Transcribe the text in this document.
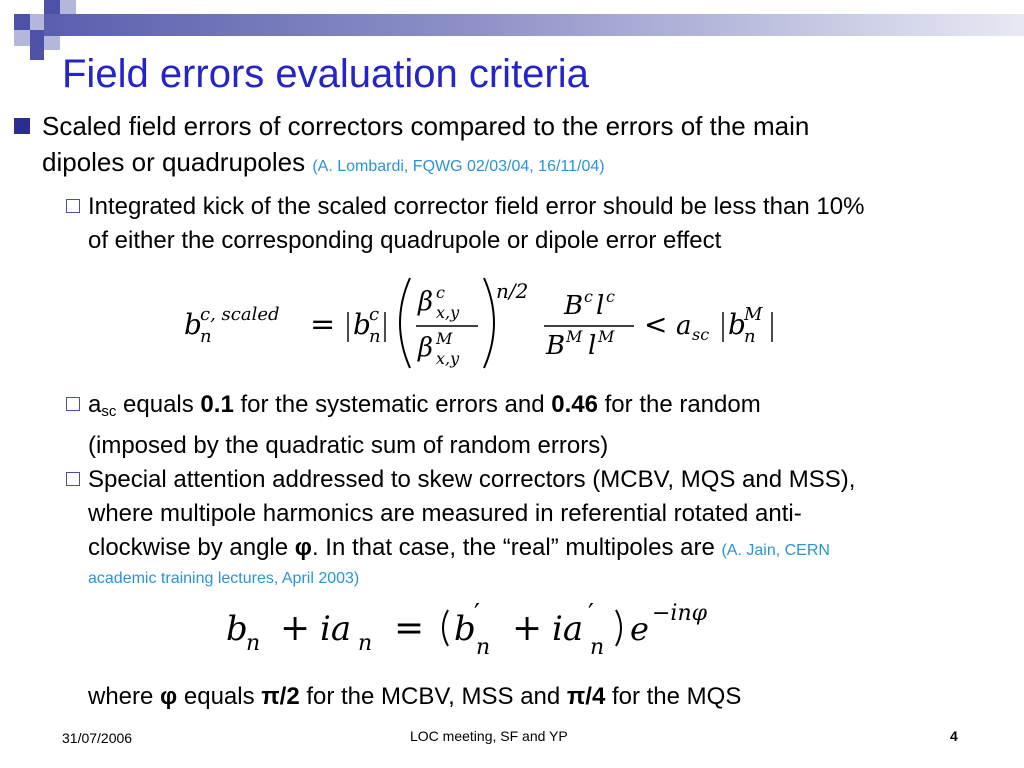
Field errors evaluation criteria
Scaled field errors of correctors compared to the errors of the main
dipoles or quadrupoles (A. Lombardi, FQWG 02/03/04, 16/11/04)
Integrated kick of the scaled corrector field error should be less than 10%
of either the corresponding quadrupole or dipole error effect
b
c, scaled
n	= b
c
n
β c
x,y
β M
x,y
n/2 B c l c
B M l M < a sc b
M
n
$a_{sc}$ equals 0.1 for the systematic errors and 0.46 for the random
(imposed by the quadratic sum of random errors)
Special attention addressed to skew correctors (MCBV, MQS and MSS),
where multipole harmonics are measured in referential rotated anti-
clockwise by angle φ. In that case, the “real” multipoles are (A. Jain, CERN
academic training lectures, April 2003)
b
n + ia n = b
′
n + ia ′
n e −inφ
where φ equals π/2 for the MCBV, MSS and π/4 for the MQS
31/07/2006	LOC meeting, SF and YP	4
